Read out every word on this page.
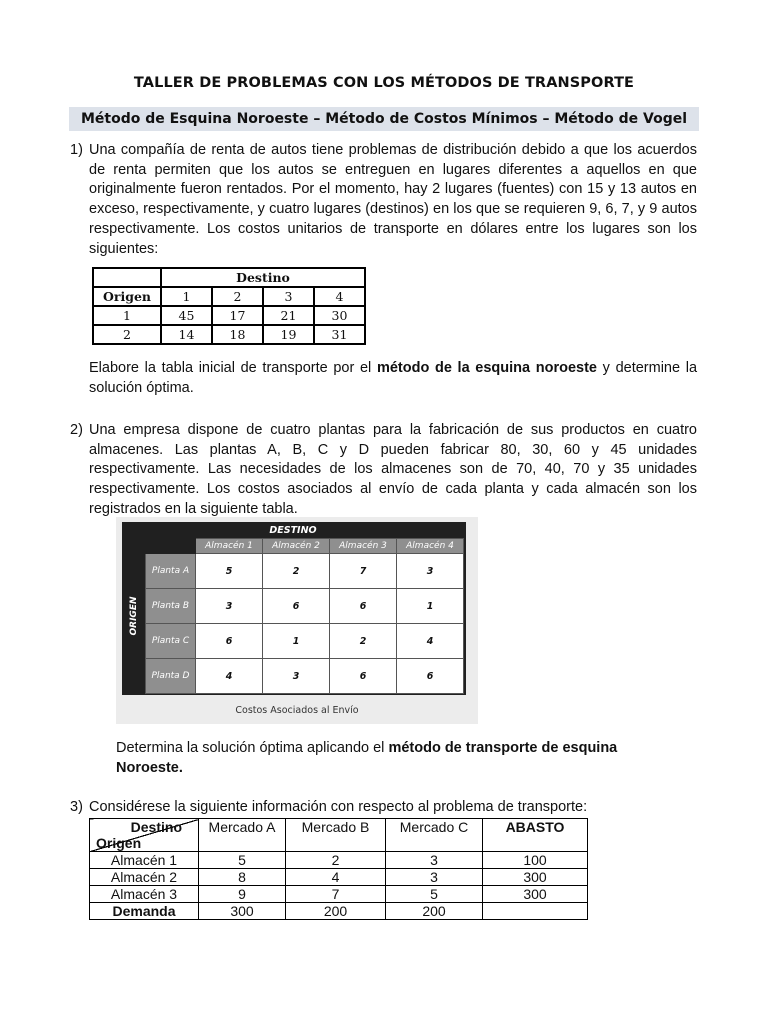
TALLER DE PROBLEMAS CON LOS MÉTODOS DE TRANSPORTE
Método de Esquina Noroeste – Método de Costos Mínimos – Método de Vogel
1) Una compañía de renta de autos tiene problemas de distribución debido a que los acuerdos de renta permiten que los autos se entreguen en lugares diferentes a aquellos en que originalmente fueron rentados. Por el momento, hay 2 lugares (fuentes) con 15 y 13 autos en exceso, respectivamente, y cuatro lugares (destinos) en los que se requieren 9, 6, 7, y 9 autos respectivamente. Los costos unitarios de transporte en dólares entre los lugares son los siguientes:
	Destino			
Origen	1	2	3	4
1	45	17	21	30
2	14	18	19	31
Elabore la tabla inicial de transporte por el método de la esquina noroeste y determine la solución óptima.
2) Una empresa dispone de cuatro plantas para la fabricación de sus productos en cuatro almacenes. Las plantas A, B, C y D pueden fabricar 80, 30, 60 y 45 unidades respectivamente. Las necesidades de los almacenes son de 70, 40, 70 y 35 unidades respectivamente. Los costos asociados al envío de cada planta y cada almacén son los registrados en la siguiente tabla.
DESTINO
ORIGEN
	Almacén 1	Almacén 2	Almacén 3	Almacén 4
Planta A	5	2	7	3
Planta B	3	6	6	1
Planta C	6	1	2	4
Planta D	4	3	6	6
Costos Asociados al Envío
Determina la solución óptima aplicando el método de transporte de esquina Noroeste.
3) Considérese la siguiente información con respecto al problema de transporte:
Destino
Origen	Mercado A	Mercado B	Mercado C	ABASTO
Almacén 1	5	2	3	100
Almacén 2	8	4	3	300
Almacén 3	9	7	5	300
Demanda	300	200	200	
